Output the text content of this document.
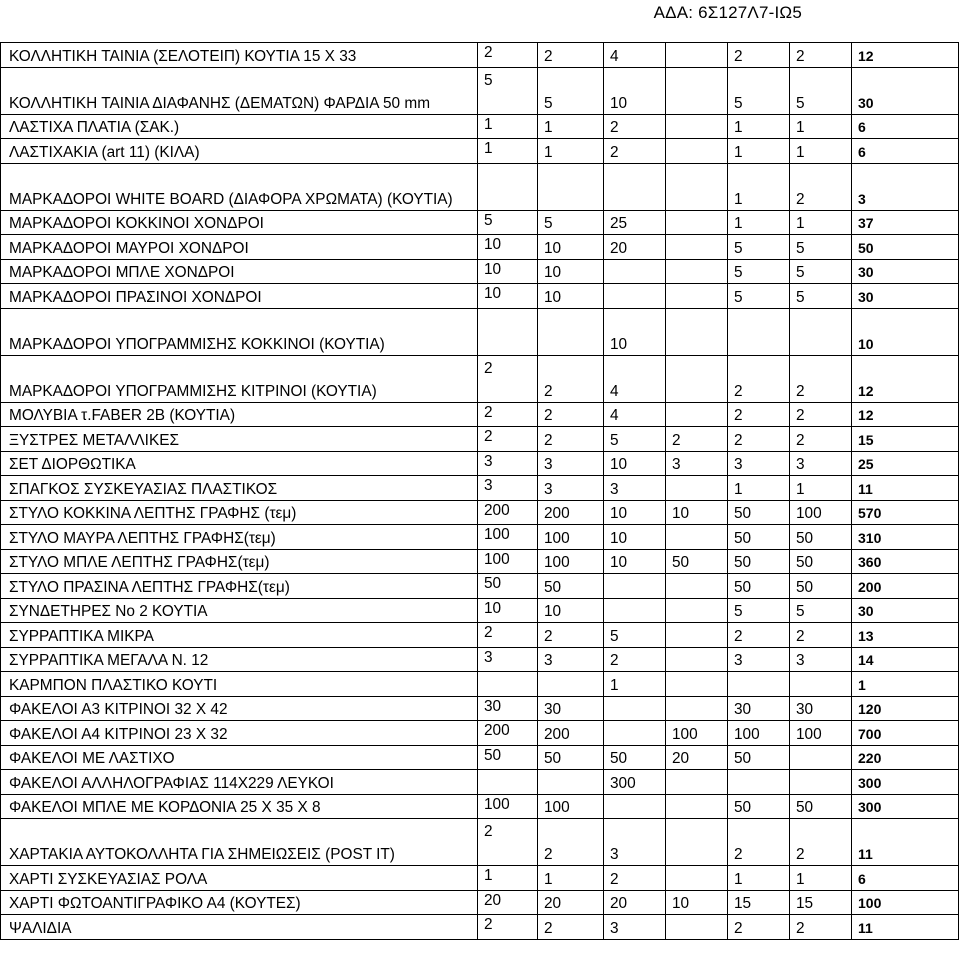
ΑΔΑ: 6Σ127Λ7-ΙΩ5
ΚΟΛΛΗΤΙΚΗ ΤΑΙΝΙΑ (ΣΕΛΟΤΕΙΠ) ΚΟΥΤΙΑ 15 Χ 33	2	2	4		2	2	12
ΚΟΛΛΗΤΙΚΗ ΤΑΙΝΙΑ ΔΙΑΦΑΝΗΣ (ΔΕΜΑΤΩΝ) ΦΑΡΔΙΑ 50 mm	5	5	10		5	5	30
ΛΑΣΤΙΧΑ ΠΛΑΤΙΑ (ΣΑΚ.)	1	1	2		1	1	6
ΛΑΣΤΙΧΑΚΙΑ (art 11) (ΚΙΛΑ)	1	1	2		1	1	6
ΜΑΡΚΑΔΟΡΟΙ WHITE BOARD (ΔΙΑΦΟΡΑ ΧΡΩΜΑΤΑ) (ΚΟΥΤΙΑ)					1	2	3
ΜΑΡΚΑΔΟΡΟΙ ΚΟΚΚΙΝΟΙ ΧΟΝΔΡΟΙ	5	5	25		1	1	37
ΜΑΡΚΑΔΟΡΟΙ ΜΑΥΡΟΙ ΧΟΝΔΡΟΙ	10	10	20		5	5	50
ΜΑΡΚΑΔΟΡΟΙ ΜΠΛΕ ΧΟΝΔΡΟΙ	10	10			5	5	30
ΜΑΡΚΑΔΟΡΟΙ ΠΡΑΣΙΝΟΙ ΧΟΝΔΡΟΙ	10	10			5	5	30
ΜΑΡΚΑΔΟΡΟΙ ΥΠΟΓΡΑΜΜΙΣΗΣ ΚΟΚΚΙΝΟΙ (ΚΟΥΤΙΑ)			10				10
ΜΑΡΚΑΔΟΡΟΙ ΥΠΟΓΡΑΜΜΙΣΗΣ ΚΙΤΡΙΝΟΙ (ΚΟΥΤΙΑ)	2	2	4		2	2	12
ΜΟΛΥΒΙΑ τ.FABER 2B (ΚΟΥΤΙΑ)	2	2	4		2	2	12
ΞΥΣΤΡΕΣ ΜΕΤΑΛΛΙΚΕΣ	2	2	5	2	2	2	15
ΣΕΤ ΔΙΟΡΘΩΤΙΚΑ	3	3	10	3	3	3	25
ΣΠΑΓΚΟΣ ΣΥΣΚΕΥΑΣΙΑΣ ΠΛΑΣΤΙΚΟΣ	3	3	3		1	1	11
ΣΤΥΛΟ ΚΟΚΚΙΝΑ ΛΕΠΤΗΣ ΓΡΑΦΗΣ (τεμ)	200	200	10	10	50	100	570
ΣΤΥΛΟ ΜΑΥΡΑ ΛΕΠΤΗΣ ΓΡΑΦΗΣ(τεμ)	100	100	10		50	50	310
ΣΤΥΛΟ ΜΠΛΕ ΛΕΠΤΗΣ ΓΡΑΦΗΣ(τεμ)	100	100	10	50	50	50	360
ΣΤΥΛΟ ΠΡΑΣΙΝΑ ΛΕΠΤΗΣ ΓΡΑΦΗΣ(τεμ)	50	50			50	50	200
ΣΥΝΔΕΤΗΡΕΣ Νο 2 ΚΟΥΤΙΑ	10	10			5	5	30
ΣΥΡΡΑΠΤΙΚΑ ΜΙΚΡΑ	2	2	5		2	2	13
ΣΥΡΡΑΠΤΙΚΑ ΜΕΓΑΛΑ Ν. 12	3	3	2		3	3	14
ΚΑΡΜΠΟΝ ΠΛΑΣΤΙΚΟ ΚΟΥΤΙ			1				1
ΦΑΚΕΛΟΙ Α3 ΚΙΤΡΙΝΟΙ 32 Χ 42	30	30			30	30	120
ΦΑΚΕΛΟΙ Α4 ΚΙΤΡΙΝΟΙ 23 Χ 32	200	200		100	100	100	700
ΦΑΚΕΛΟΙ ΜΕ ΛΑΣΤΙΧΟ	50	50	50	20	50		220
ΦΑΚΕΛΟΙ ΑΛΛΗΛΟΓΡΑΦΙΑΣ 114Χ229 ΛΕΥΚΟΙ			300				300
ΦΑΚΕΛΟΙ ΜΠΛΕ ΜΕ ΚΟΡΔΟΝΙΑ 25 Χ 35 Χ 8	100	100			50	50	300
ΧΑΡΤΑΚΙΑ ΑΥΤΟΚΟΛΛΗΤΑ ΓΙΑ ΣΗΜΕΙΩΣΕΙΣ (POST IT)	2	2	3		2	2	11
ΧΑΡΤΙ ΣΥΣΚΕΥΑΣΙΑΣ ΡΟΛΑ	1	1	2		1	1	6
ΧΑΡΤΙ ΦΩΤΟΑΝΤΙΓΡΑΦΙΚΟ Α4 (ΚΟΥΤΕΣ)	20	20	20	10	15	15	100
ΨΑΛΙΔΙΑ	2	2	3		2	2	11
